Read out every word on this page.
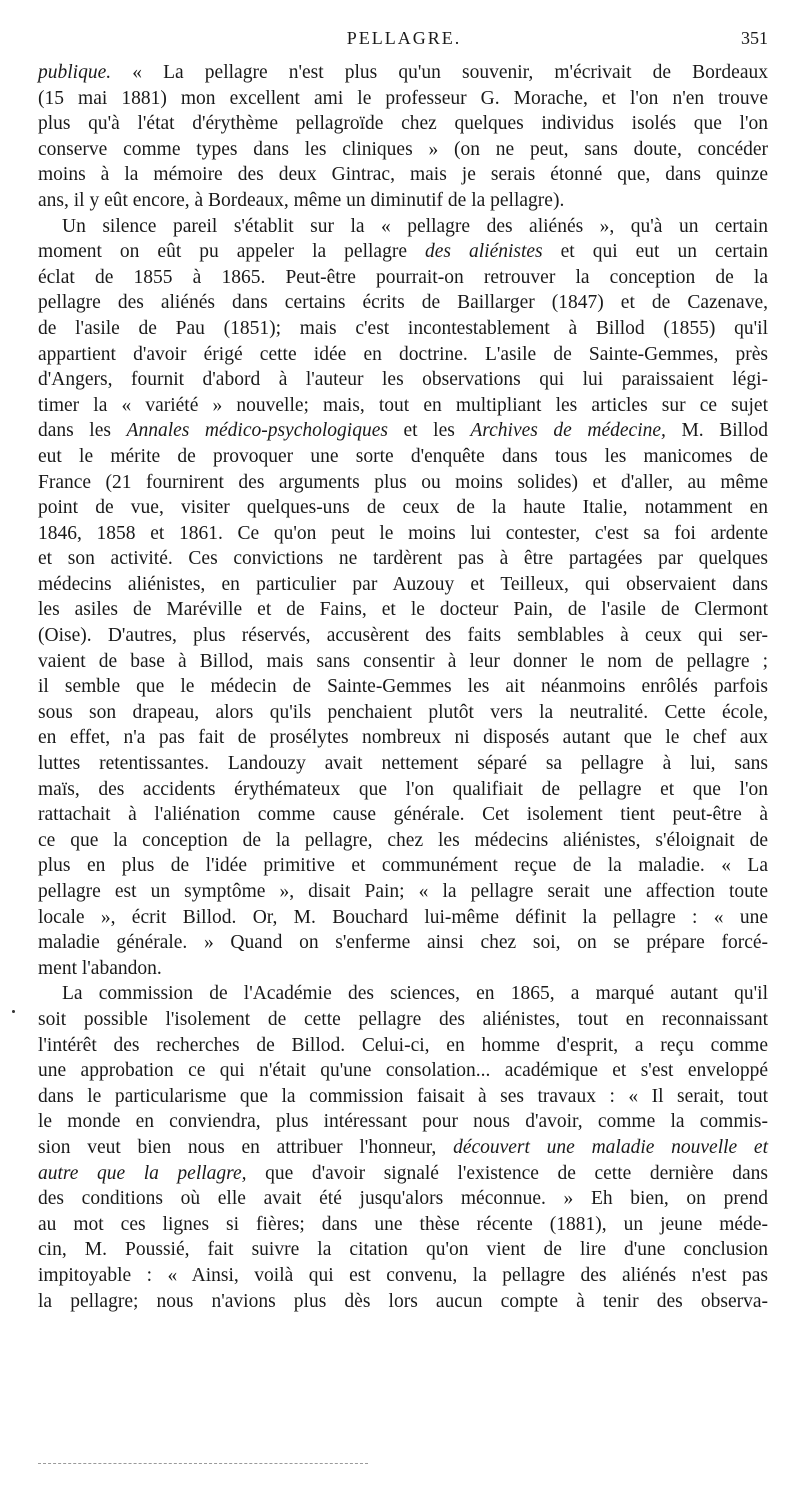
PELLAGRE.	351
publique. « La pellagre n'est plus qu'un souvenir, m'écrivait de Bordeaux
(15 mai 1881) mon excellent ami le professeur G. Morache, et l'on n'en trouve
plus qu'à l'état d'érythème pellagroïde chez quelques individus isolés que l'on
conserve comme types dans les cliniques » (on ne peut, sans doute, concéder
moins à la mémoire des deux Gintrac, mais je serais étonné que, dans quinze
ans, il y eût encore, à Bordeaux, même un diminutif de la pellagre).
Un silence pareil s'établit sur la « pellagre des aliénés », qu'à un certain
moment on eût pu appeler la pellagre des aliénistes et qui eut un certain
éclat de 1855 à 1865. Peut-être pourrait-on retrouver la conception de la
pellagre des aliénés dans certains écrits de Baillarger (1847) et de Cazenave,
de l'asile de Pau (1851); mais c'est incontestablement à Billod (1855) qu'il
appartient d'avoir érigé cette idée en doctrine. L'asile de Sainte-Gemmes, près
d'Angers, fournit d'abord à l'auteur les observations qui lui paraissaient légi-
timer la « variété » nouvelle; mais, tout en multipliant les articles sur ce sujet
dans les Annales médico-psychologiques et les Archives de médecine, M. Billod
eut le mérite de provoquer une sorte d'enquête dans tous les manicomes de
France (21 fournirent des arguments plus ou moins solides) et d'aller, au même
point de vue, visiter quelques-uns de ceux de la haute Italie, notamment en
1846, 1858 et 1861. Ce qu'on peut le moins lui contester, c'est sa foi ardente
et son activité. Ces convictions ne tardèrent pas à être partagées par quelques
médecins aliénistes, en particulier par Auzouy et Teilleux, qui observaient dans
les asiles de Maréville et de Fains, et le docteur Pain, de l'asile de Clermont
(Oise). D'autres, plus réservés, accusèrent des faits semblables à ceux qui ser-
vaient de base à Billod, mais sans consentir à leur donner le nom de pellagre ;
il semble que le médecin de Sainte-Gemmes les ait néanmoins enrôlés parfois
sous son drapeau, alors qu'ils penchaient plutôt vers la neutralité. Cette école,
en effet, n'a pas fait de prosélytes nombreux ni disposés autant que le chef aux
luttes retentissantes. Landouzy avait nettement séparé sa pellagre à lui, sans
maïs, des accidents érythémateux que l'on qualifiait de pellagre et que l'on
rattachait à l'aliénation comme cause générale. Cet isolement tient peut-être à
ce que la conception de la pellagre, chez les médecins aliénistes, s'éloignait de
plus en plus de l'idée primitive et communément reçue de la maladie. « La
pellagre est un symptôme », disait Pain; « la pellagre serait une affection toute
locale », écrit Billod. Or, M. Bouchard lui-même définit la pellagre : « une
maladie générale. » Quand on s'enferme ainsi chez soi, on se prépare forcé-
ment l'abandon.
La commission de l'Académie des sciences, en 1865, a marqué autant qu'il
soit possible l'isolement de cette pellagre des aliénistes, tout en reconnaissant
l'intérêt des recherches de Billod. Celui-ci, en homme d'esprit, a reçu comme
une approbation ce qui n'était qu'une consolation... académique et s'est enveloppé
dans le particularisme que la commission faisait à ses travaux : « Il serait, tout
le monde en conviendra, plus intéressant pour nous d'avoir, comme la commis-
sion veut bien nous en attribuer l'honneur, découvert une maladie nouvelle et
autre que la pellagre, que d'avoir signalé l'existence de cette dernière dans
des conditions où elle avait été jusqu'alors méconnue. » Eh bien, on prend
au mot ces lignes si fières; dans une thèse récente (1881), un jeune méde-
cin, M. Poussié, fait suivre la citation qu'on vient de lire d'une conclusion
impitoyable : « Ainsi, voilà qui est convenu, la pellagre des aliénés n'est pas
la pellagre; nous n'avions plus dès lors aucun compte à tenir des observa-
